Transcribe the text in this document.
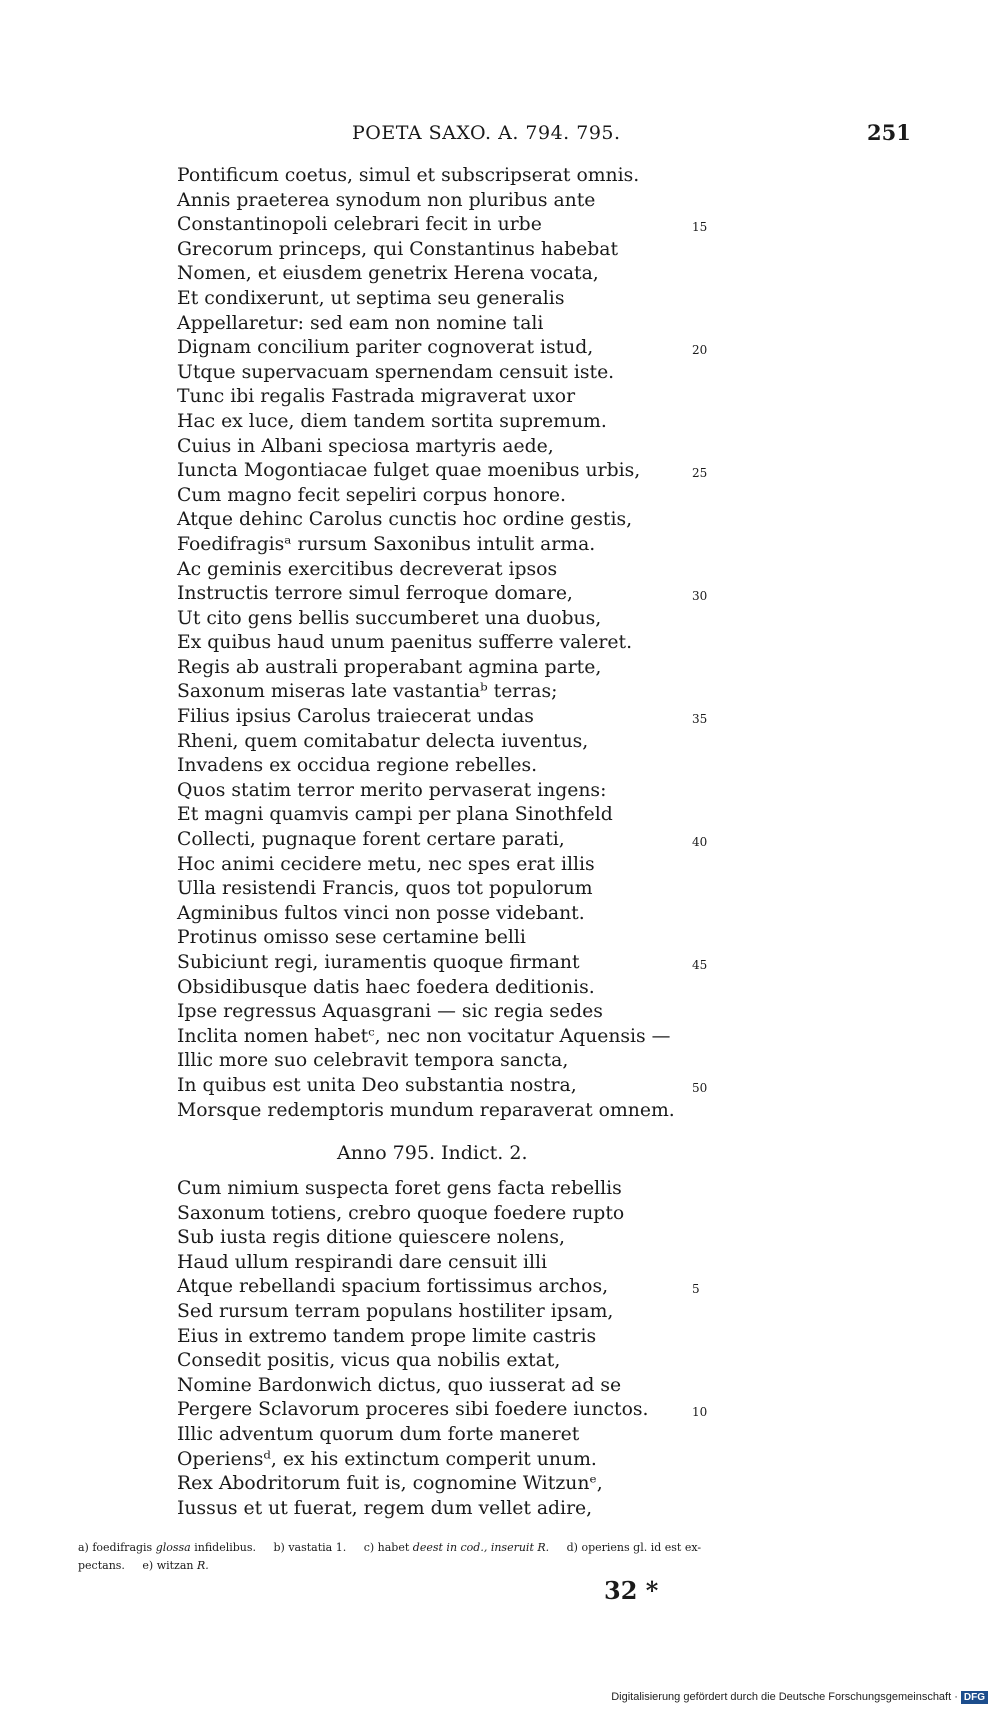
POETA SAXO. A. 794. 795.	251
Pontificum coetus, simul et subscripserat omnis.
Annis praeterea synodum non pluribus ante
Constantinopoli celebrari fecit in urbe	15
Grecorum princeps, qui Constantinus habebat
Nomen, et eiusdem genetrix Herena vocata,
Et condixerunt, ut septima seu generalis
Appellaretur: sed eam non nomine tali
Dignam concilium pariter cognoverat istud,	20
Utque supervacuam spernendam censuit iste.
Tunc ibi regalis Fastrada migraverat uxor
Hac ex luce, diem tandem sortita supremum.
Cuius in Albani speciosa martyris aede,
Iuncta Mogontiacae fulget quae moenibus urbis,	25
Cum magno fecit sepeliri corpus honore.
Atque dehinc Carolus cunctis hoc ordine gestis,
Foedifragisᵃ rursum Saxonibus intulit arma.
Ac geminis exercitibus decreverat ipsos
Instructis terrore simul ferroque domare,	30
Ut cito gens bellis succumberet una duobus,
Ex quibus haud unum paenitus sufferre valeret.
Regis ab australi properabant agmina parte,
Saxonum miseras late vastantiaᵇ terras;
Filius ipsius Carolus traiecerat undas	35
Rheni, quem comitabatur delecta iuventus,
Invadens ex occidua regione rebelles.
Quos statim terror merito pervaserat ingens:
Et magni quamvis campi per plana Sinothfeld
Collecti, pugnaque forent certare parati,	40
Hoc animi cecidere metu, nec spes erat illis
Ulla resistendi Francis, quos tot populorum
Agminibus fultos vinci non posse videbant.
Protinus omisso sese certamine belli
Subiciunt regi, iuramentis quoque firmant	45
Obsidibusque datis haec foedera deditionis.
Ipse regressus Aquasgrani — sic regia sedes
Inclita nomen habetᶜ, nec non vocitatur Aquensis —
Illic more suo celebravit tempora sancta,
In quibus est unita Deo substantia nostra,	50
Morsque redemptoris mundum reparaverat omnem.
Anno 795. Indict. 2.
Cum nimium suspecta foret gens facta rebellis
Saxonum totiens, crebro quoque foedere rupto
Sub iusta regis ditione quiescere nolens,
Haud ullum respirandi dare censuit illi
Atque rebellandi spacium fortissimus archos,	5
Sed rursum terram populans hostiliter ipsam,
Eius in extremo tandem prope limite castris
Consedit positis, vicus qua nobilis extat,
Nomine Bardonwich dictus, quo iusserat ad se
Pergere Sclavorum proceres sibi foedere iunctos.	10
Illic adventum quorum dum forte maneret
Operiensᵈ, ex his extinctum comperit unum.
Rex Abodritorum fuit is, cognomine Witzunᵉ,
Iussus et ut fuerat, regem dum vellet adire,
a) foedifragis glossa infidelibus. b) vastatia 1. c) habet deest in cod., inseruit R. d) operiens gl. id est ex-
pectans. e) witzan R.
32 *
Digitalisierung gefördert durch die Deutsche Forschungsgemeinschaft · DFG
